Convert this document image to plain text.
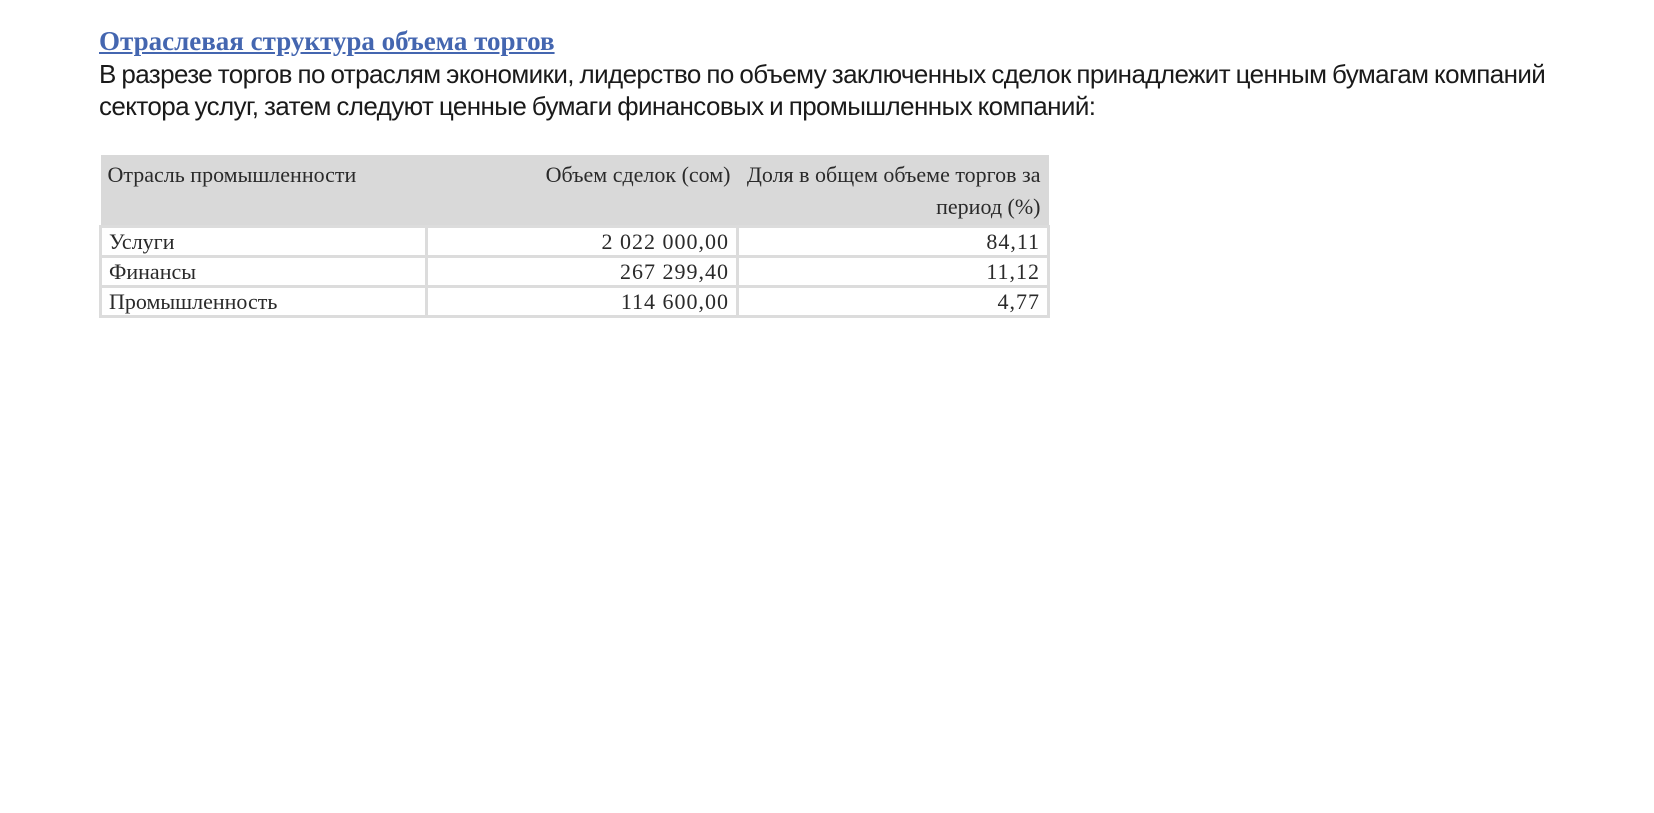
Отраслевая структура объема торгов

В разрезе торгов по отраслям экономики, лидерство по объему заключенных сделок принадлежит ценным бумагам компаний сектора услуг, затем следуют ценные бумаги финансовых и промышленных компаний:

Отрасль промышленности	Объем сделок (сом)	Доля в общем объеме торгов за период (%)
Услуги	2 022 000,00	84,11
Финансы	267 299,40	11,12
Промышленность	114 600,00	4,77
